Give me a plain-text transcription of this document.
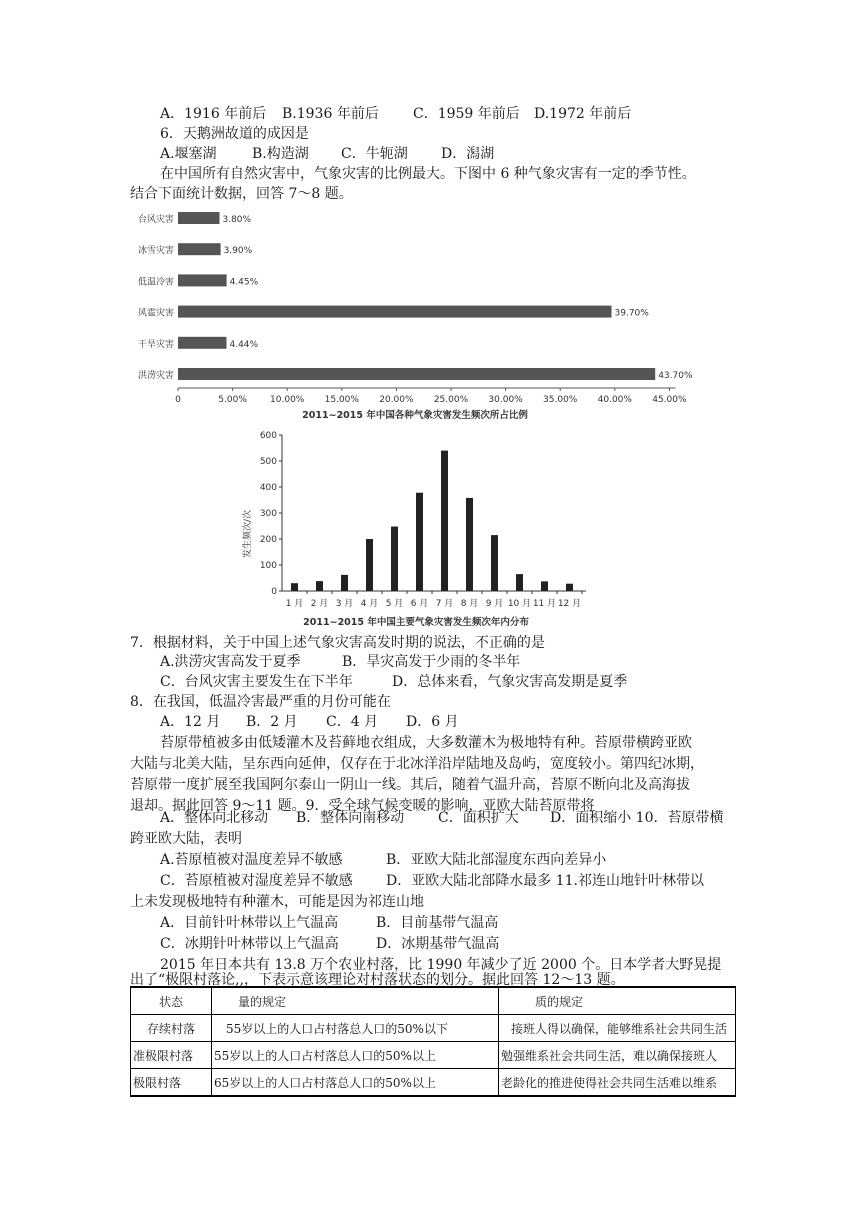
A．1916 年前后 B.1936 年前后 C．1959 年前后 D.1972 年前后
6．天鹅洲故道的成因是
A.堰塞湖	B.构造湖 C．牛轭湖 D．潟湖
在中国所有自然灾害中，气象灾害的比例最大。下图中 6 种气象灾害有一定的季节性。
结合下面统计数据，回答 7～8 题。
台风灾害	3.80%
冰雪灾害	3.90%
低温冷害	4.45%
风雹灾害	39.70%
干旱灾害	4.44%
洪涝灾害	43.70%
0	5.00%	10.00% 15.00% 20.00% 25.00% 30.00% 35.00% 40.00% 45.00%
2011~2015 年中国各种气象灾害发生频次所占比例
发生频次/次
0
100
200
300
400
500
600
1 月 2 月 3 月 4 月 5 月 6 月 7 月 8 月 9 月 10 月 11 月 12 月
2011~2015 年中国主要气象灾害发生频次年内分布
7．根据材料，关于中国上述气象灾害高发时期的说法，不正确的是
A.洪涝灾害高发于夏季	B．旱灾高发于少雨的冬半年
C．台风灾害主要发生在下半年	D．总体来看，气象灾害高发期是夏季
8．在我国，低温冷害最严重的月份可能在
A．12 月 B．2 月 C．4 月 D．6 月
苔原带植被多由低矮灌木及苔藓地衣组成，大多数灌木为极地特有种。苔原带横跨亚欧
大陆与北美大陆，呈东西向延伸，仅存在于北冰洋沿岸陆地及岛屿，宽度较小。第四纪冰期，
苔原带一度扩展至我国阿尔泰山一阴山一线。其后，随着气温升高，苔原不断向北及高海拔
退却。据此回答 9～11 题。9．受全球气候变暖的影响，亚欧大陆苔原带将
A．整体向北移动 B．整体向南移动 C．面积扩大 D．面积缩小 10．苔原带横
跨亚欧大陆，表明
A.苔原植被对温度差异不敏感	B．亚欧大陆北部湿度东西向差异小
C．苔原植被对湿度差异不敏感 D．亚欧大陆北部降水最多 11.祁连山地针叶林带以
上未发现极地特有种灌木，可能是因为祁连山地
A．目前针叶林带以上气温高	B．目前基带气温高
C．冰期针叶林带以上气温高	D．冰期基带气温高
2015 年日本共有 13.8 万个农业村落，比 1990 年减少了近 2000 个。日本学者大野晃提
出了“极限村落论,,，下表示意该理论对村落状态的划分。据此回答 12～13 题。
状态	量的规定	质的规定
存续村落	55岁以上的人口占村落总人口的50%以下	接班人得以确保，能够维系社会共同生活
准极限村落	55岁以上的人口占村落总人口的50%以上	勉强维系社会共同生活，难以确保接班人
极限村落	65岁以上的人口占村落总人口的50%以上	老龄化的推进使得社会共同生活难以维系
